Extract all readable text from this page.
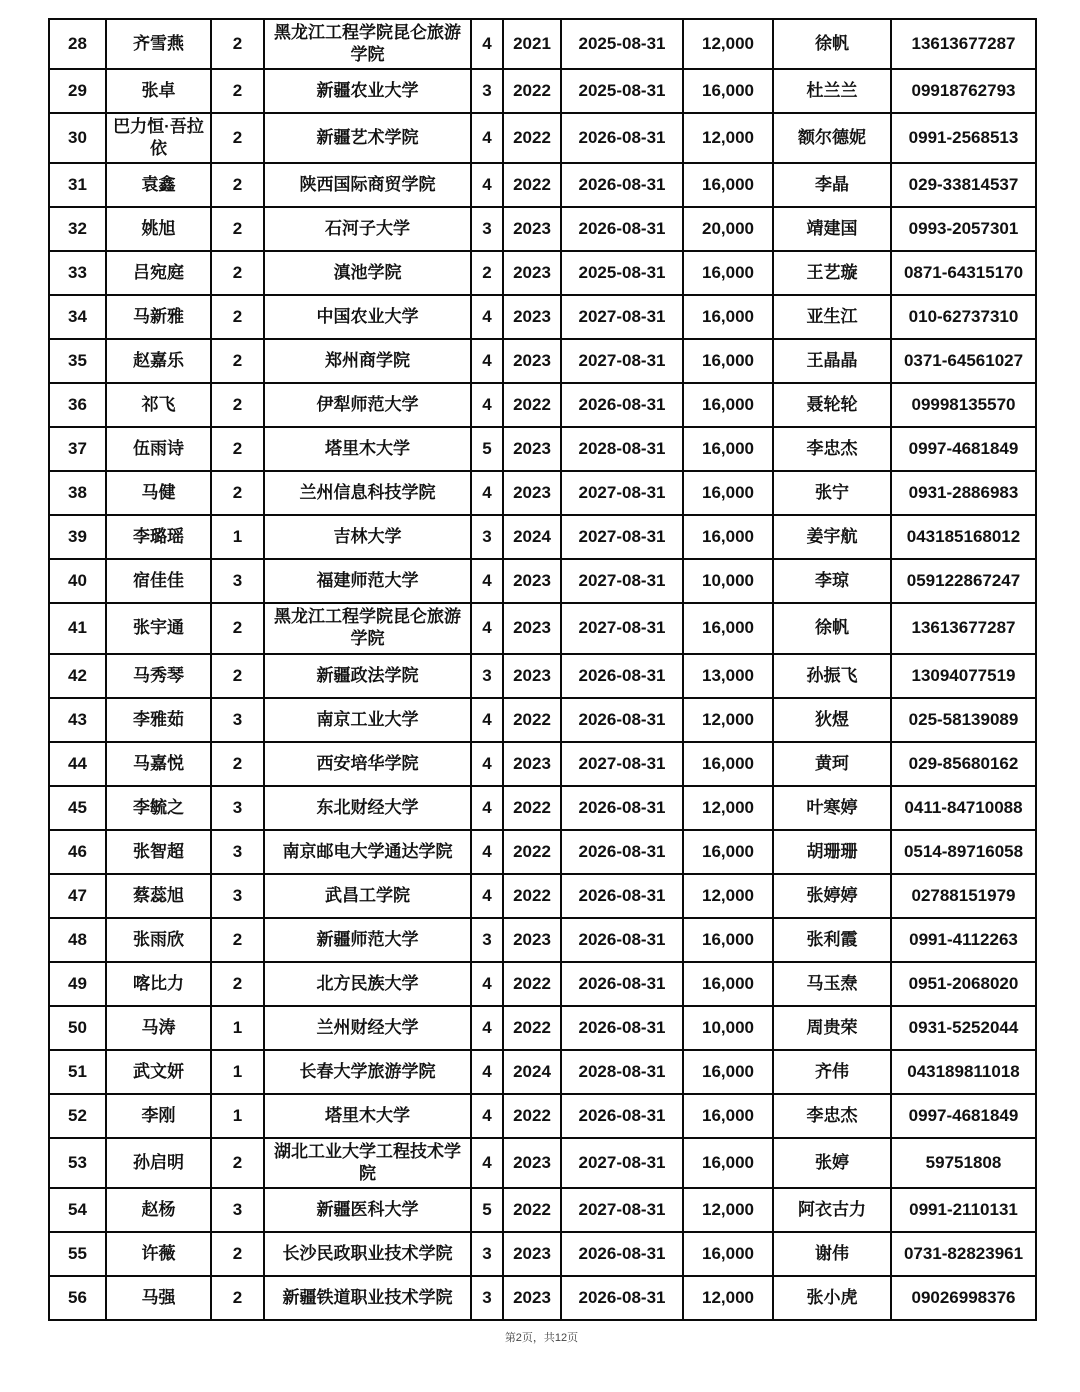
28	齐雪燕	2	黑龙江工程学院昆仑旅游学院	4	2021	2025-08-31	12,000	徐帆	13613677287
29	张卓	2	新疆农业大学	3	2022	2025-08-31	16,000	杜兰兰	09918762793
30	巴力恒·吾拉依	2	新疆艺术学院	4	2022	2026-08-31	12,000	额尔德妮	0991-2568513
31	袁鑫	2	陕西国际商贸学院	4	2022	2026-08-31	16,000	李晶	029-33814537
32	姚旭	2	石河子大学	3	2023	2026-08-31	20,000	靖建国	0993-2057301
33	吕宛庭	2	滇池学院	2	2023	2025-08-31	16,000	王艺璇	0871-64315170
34	马新雅	2	中国农业大学	4	2023	2027-08-31	16,000	亚生江	010-62737310
35	赵嘉乐	2	郑州商学院	4	2023	2027-08-31	16,000	王晶晶	0371-64561027
36	祁飞	2	伊犁师范大学	4	2022	2026-08-31	16,000	聂轮轮	09998135570
37	伍雨诗	2	塔里木大学	5	2023	2028-08-31	16,000	李忠杰	0997-4681849
38	马健	2	兰州信息科技学院	4	2023	2027-08-31	16,000	张宁	0931-2886983
39	李璐瑶	1	吉林大学	3	2024	2027-08-31	16,000	姜宇航	043185168012
40	宿佳佳	3	福建师范大学	4	2023	2027-08-31	10,000	李琼	059122867247
41	张宇通	2	黑龙江工程学院昆仑旅游学院	4	2023	2027-08-31	16,000	徐帆	13613677287
42	马秀琴	2	新疆政法学院	3	2023	2026-08-31	13,000	孙振飞	13094077519
43	李雅茹	3	南京工业大学	4	2022	2026-08-31	12,000	狄煜	025-58139089
44	马嘉悦	2	西安培华学院	4	2023	2027-08-31	16,000	黄珂	029-85680162
45	李毓之	3	东北财经大学	4	2022	2026-08-31	12,000	叶寒婷	0411-84710088
46	张智超	3	南京邮电大学通达学院	4	2022	2026-08-31	16,000	胡珊珊	0514-89716058
47	蔡蕊旭	3	武昌工学院	4	2022	2026-08-31	12,000	张婷婷	02788151979
48	张雨欣	2	新疆师范大学	3	2023	2026-08-31	16,000	张利霞	0991-4112263
49	喀比力	2	北方民族大学	4	2022	2026-08-31	16,000	马玉焘	0951-2068020
50	马涛	1	兰州财经大学	4	2022	2026-08-31	10,000	周贵荣	0931-5252044
51	武文妍	1	长春大学旅游学院	4	2024	2028-08-31	16,000	齐伟	043189811018
52	李刚	1	塔里木大学	4	2022	2026-08-31	16,000	李忠杰	0997-4681849
53	孙启明	2	湖北工业大学工程技术学院	4	2023	2027-08-31	16,000	张婷	59751808
54	赵杨	3	新疆医科大学	5	2022	2027-08-31	12,000	阿衣古力	0991-2110131
55	许薇	2	长沙民政职业技术学院	3	2023	2026-08-31	16,000	谢伟	0731-82823961
56	马强	2	新疆铁道职业技术学院	3	2023	2026-08-31	12,000	张小虎	09026998376
第2页，共12页
